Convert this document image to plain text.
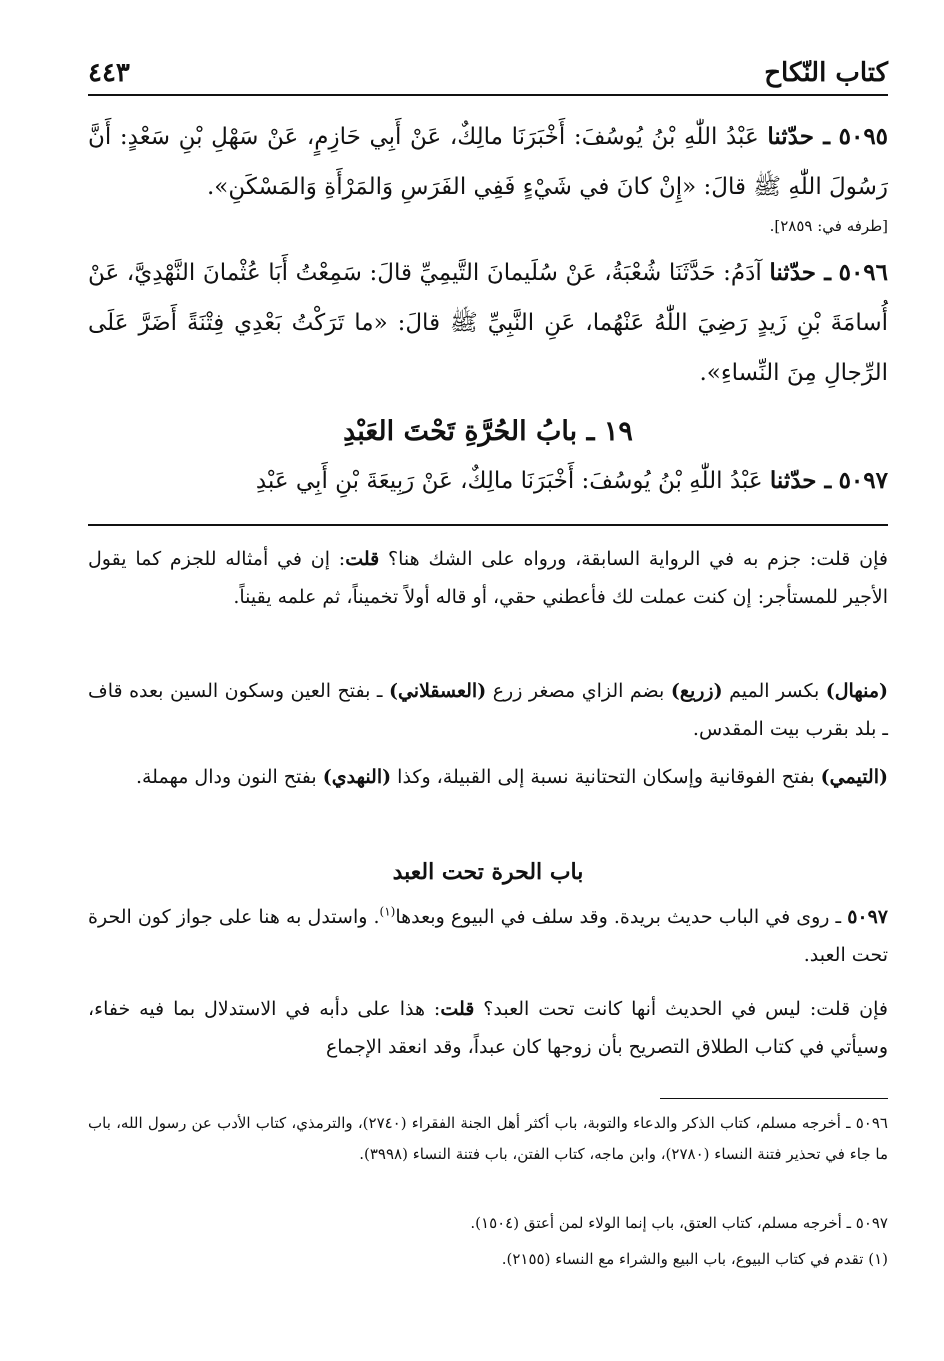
كتاب النّكاح
٤٤٣
٥٠٩٥ ـ حدّثنا عَبْدُ اللّٰهِ بْنُ يُوسُفَ: أَخْبَرَنَا مالِكٌ، عَنْ أَبِي حَازِمٍ، عَنْ سَهْلِ بْنِ سَعْدٍ: أَنَّ رَسُولَ اللّٰهِ ﷺ قالَ: «إِنْ كانَ في شَيْءٍ فَفِي الفَرَسِ وَالمَرْأَةِ وَالمَسْكَنِ».
[طرفه في: ٢٨٥٩].
٥٠٩٦ ـ حدّثنا آدَمُ: حَدَّثَنَا شُعْبَةُ، عَنْ سُلَيمانَ التَّيمِيِّ قالَ: سَمِعْتُ أَبَا عُثْمانَ النَّهْدِيَّ، عَنْ أُسامَةَ بْنِ زَيدٍ رَضِيَ اللّٰهُ عَنْهُما، عَنِ النَّبِيِّ ﷺ قالَ: «ما تَرَكْتُ بَعْدِي فِتْنَةً أَضَرَّ عَلَى الرِّجالِ مِنَ النِّساءِ».
١٩ ـ بابُ الحُرَّةِ تَحْتَ العَبْدِ
٥٠٩٧ ـ حدّثنا عَبْدُ اللّٰهِ بْنُ يُوسُفَ: أَخْبَرَنَا مالِكٌ، عَنْ رَبِيعَةَ بْنِ أَبِي عَبْدِ
فإن قلت: جزم به في الرواية السابقة، ورواه على الشك هنا؟ قلت: إن في أمثاله للجزم كما يقول الأجير للمستأجر: إن كنت عملت لك فأعطني حقي، أو قاله أولاً تخميناً، ثم علمه يقيناً.
(منهال) بكسر الميم (زريع) بضم الزاي مصغر زرع (العسقلاني) ـ بفتح العين وسكون السين بعده قاف ـ بلد بقرب بيت المقدس.
(التيمي) بفتح الفوقانية وإسكان التحتانية نسبة إلى القبيلة، وكذا (النهدي) بفتح النون ودال مهملة.
باب الحرة تحت العبد
٥٠٩٧ ـ روى في الباب حديث بريدة. وقد سلف في البيوع وبعدها$^{(١)}$. واستدل به هنا على جواز كون الحرة تحت العبد.
فإن قلت: ليس في الحديث أنها كانت تحت العبد؟ قلت: هذا على دأبه في الاستدلال بما فيه خفاء، وسيأتي في كتاب الطلاق التصريح بأن زوجها كان عبداً، وقد انعقد الإجماع
٥٠٩٦ ـ أخرجه مسلم، كتاب الذكر والدعاء والتوبة، باب أكثر أهل الجنة الفقراء (٢٧٤٠)، والترمذي، كتاب الأدب عن رسول الله، باب ما جاء في تحذير فتنة النساء (٢٧٨٠)، وابن ماجه، كتاب الفتن، باب فتنة النساء (٣٩٩٨).
٥٠٩٧ ـ أخرجه مسلم، كتاب العتق، باب إنما الولاء لمن أعتق (١٥٠٤).
(١) تقدم في كتاب البيوع، باب البيع والشراء مع النساء (٢١٥٥).
